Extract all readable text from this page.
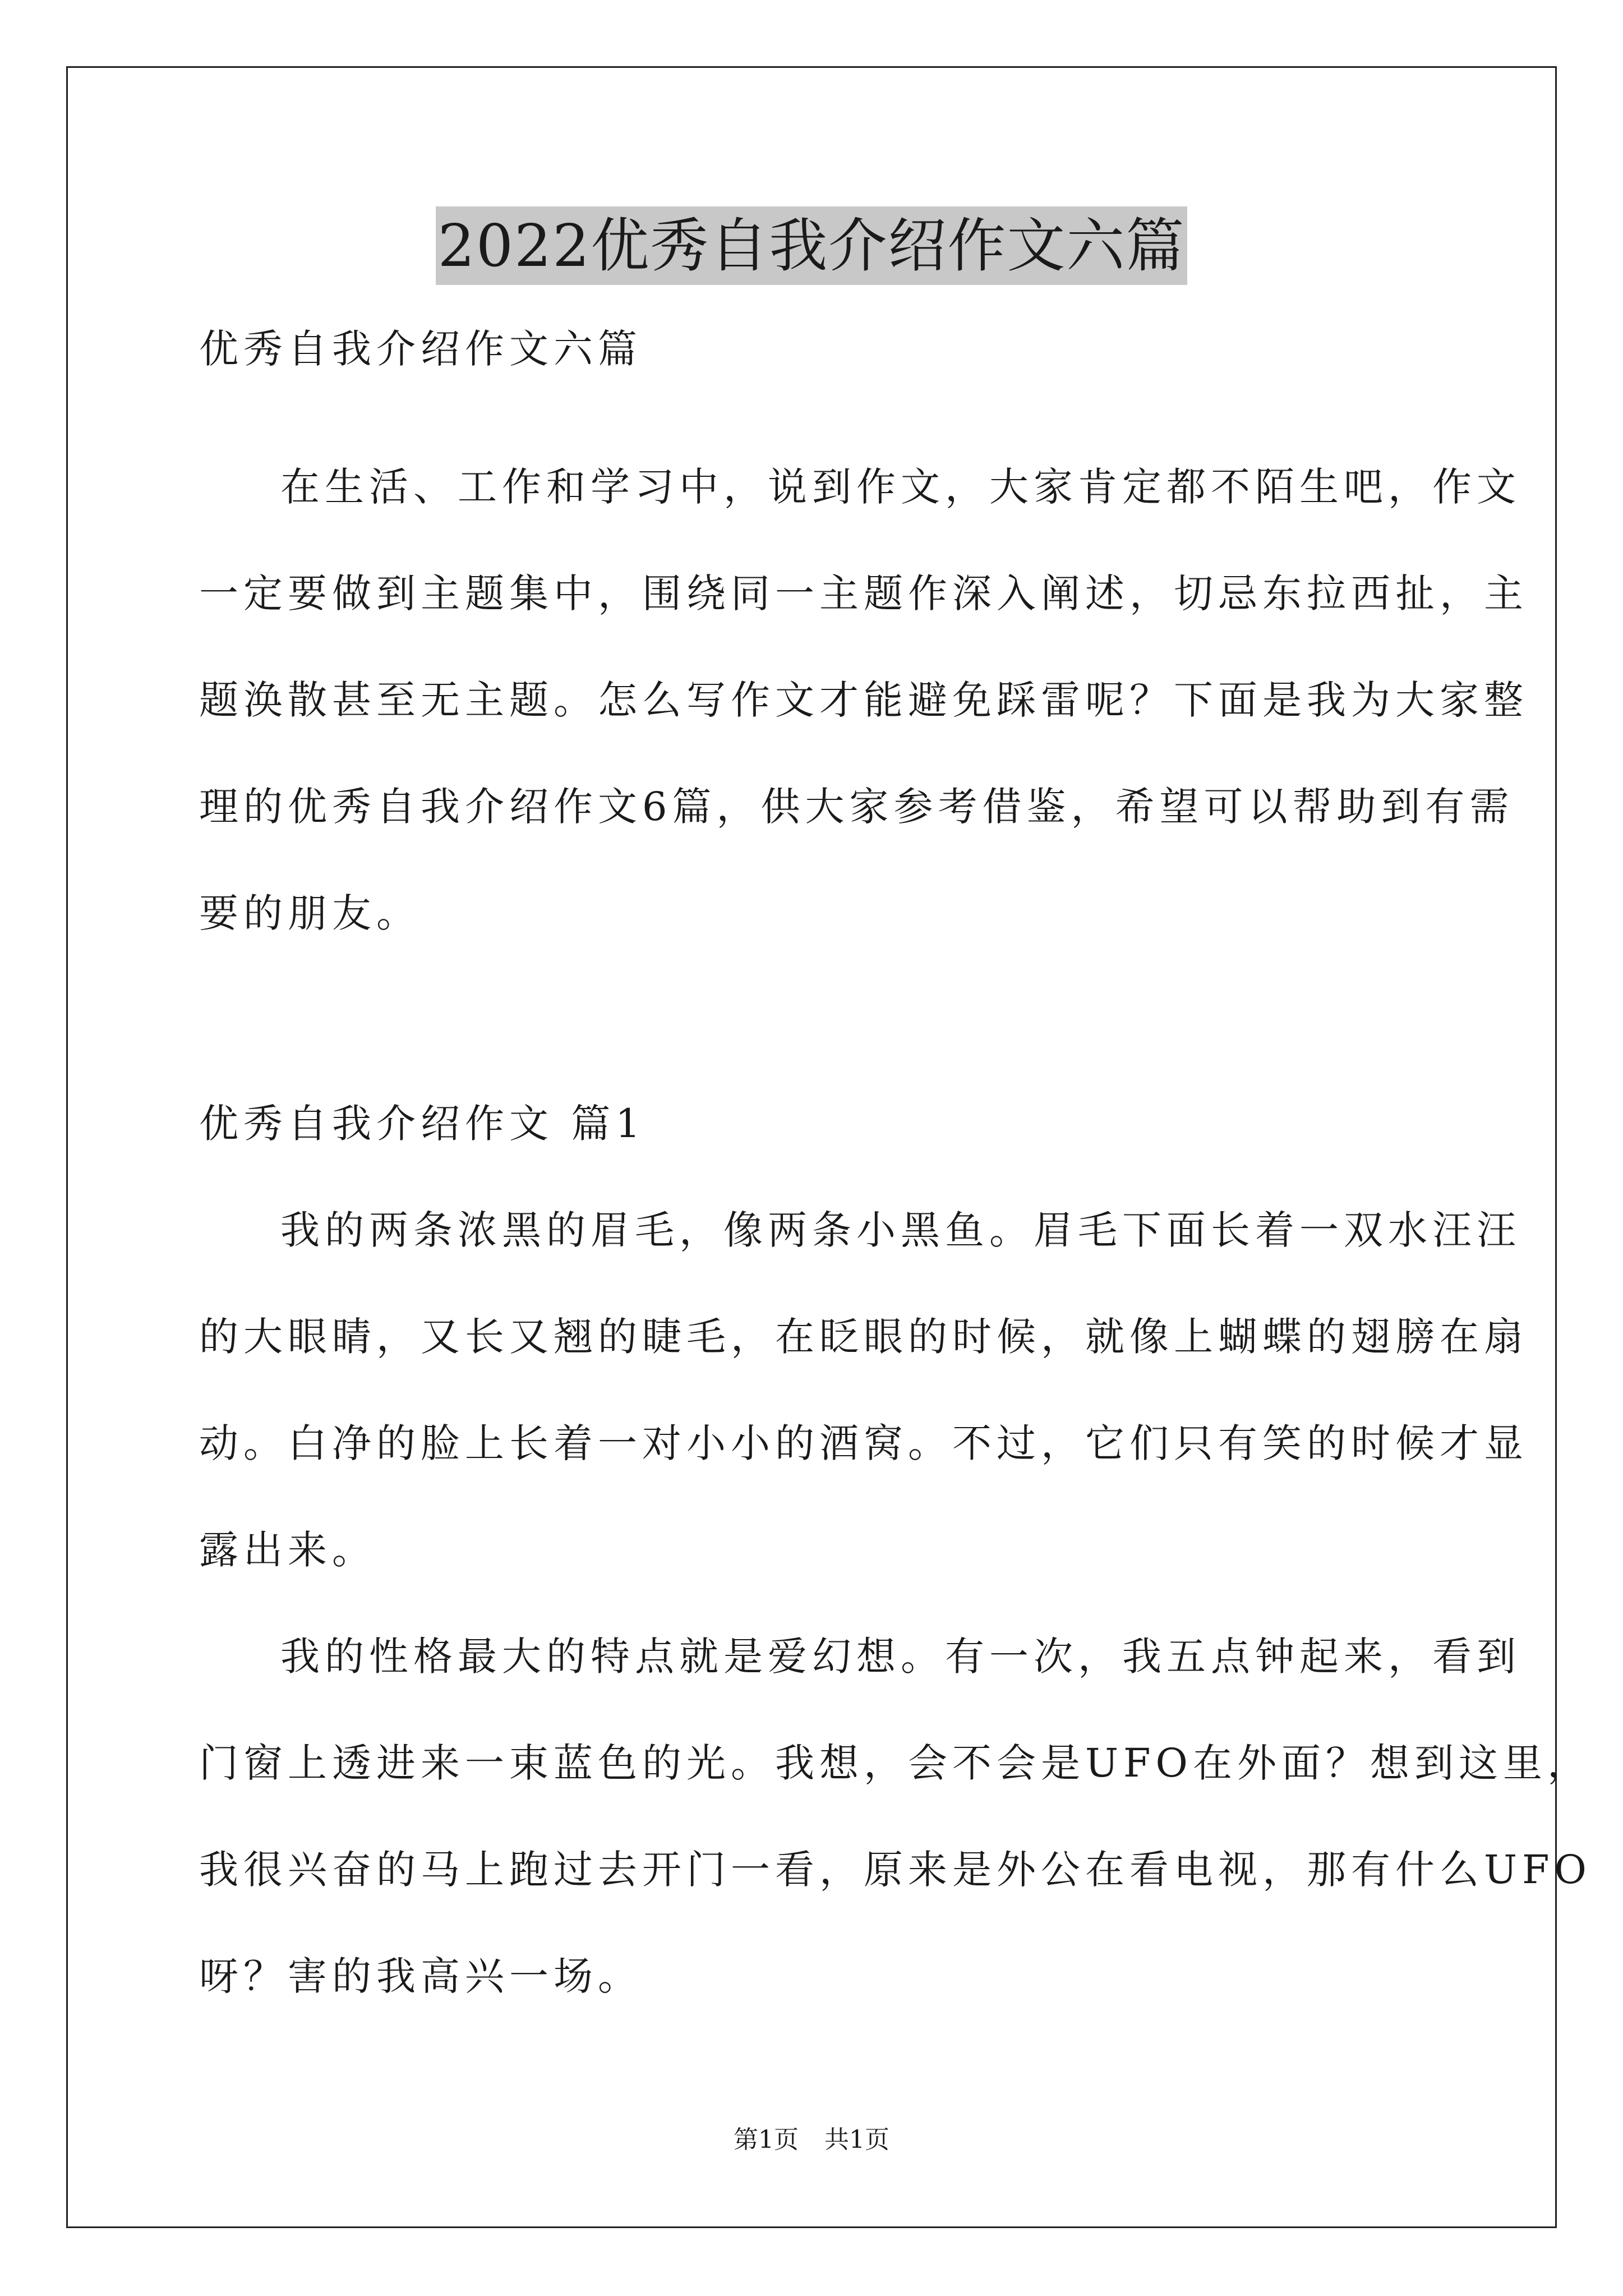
2022优秀自我介绍作文六篇
优秀自我介绍作文六篇
在生活、工作和学习中，说到作文，大家肯定都不陌生吧，作文
一定要做到主题集中，围绕同一主题作深入阐述，切忌东拉西扯，主
题涣散甚至无主题。怎么写作文才能避免踩雷呢？下面是我为大家整
理的优秀自我介绍作文6篇，供大家参考借鉴，希望可以帮助到有需
要的朋友。
优秀自我介绍作文 篇1
我的两条浓黑的眉毛，像两条小黑鱼。眉毛下面长着一双水汪汪
的大眼睛，又长又翘的睫毛，在眨眼的时候，就像上蝴蝶的翅膀在扇
动。白净的脸上长着一对小小的酒窝。不过，它们只有笑的时候才显
露出来。
我的性格最大的特点就是爱幻想。有一次，我五点钟起来，看到
门窗上透进来一束蓝色的光。我想，会不会是UFO在外面？想到这里，
我很兴奋的马上跑过去开门一看，原来是外公在看电视，那有什么UFO
呀？害的我高兴一场。
第1页 共1页
